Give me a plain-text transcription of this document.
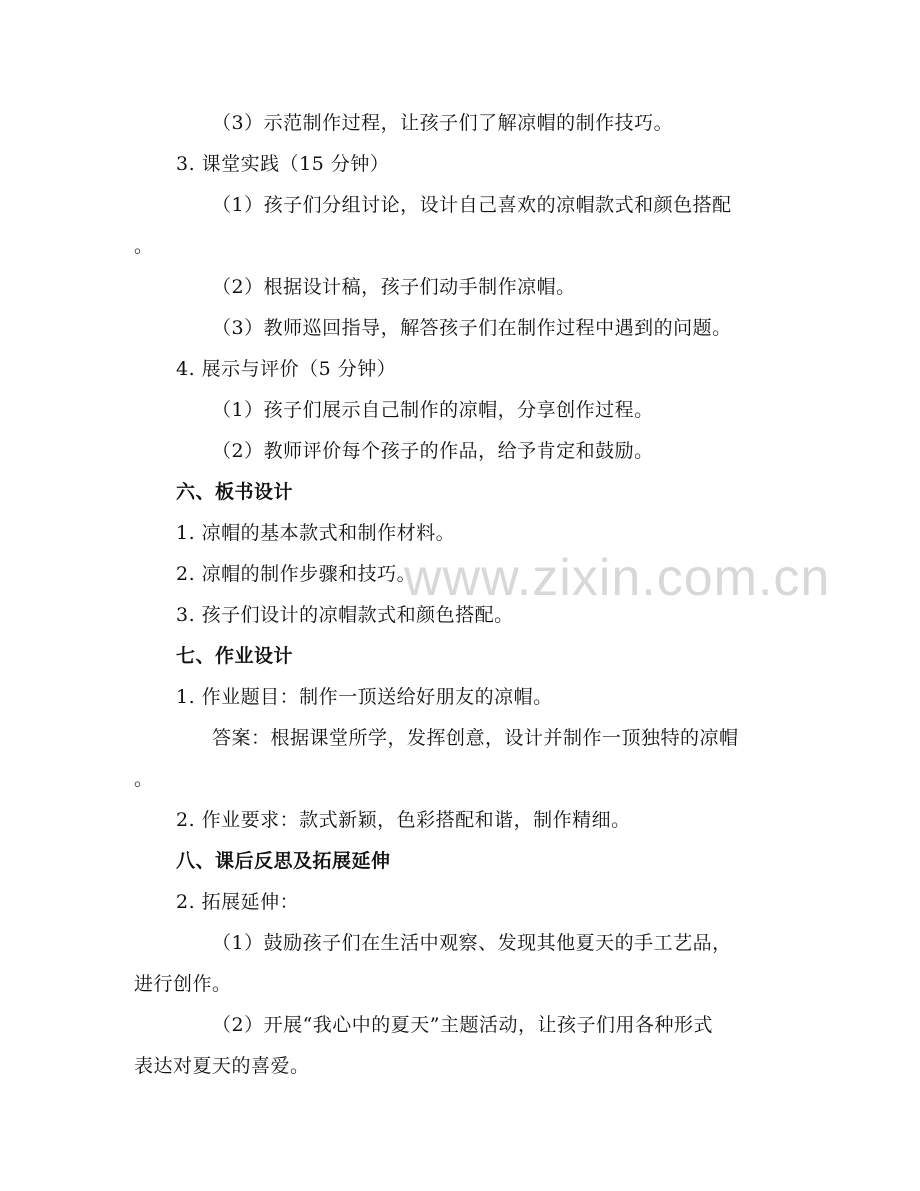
www.zixin.com.cn
（3）示范制作过程，让孩子们了解凉帽的制作技巧。
3. 课堂实践（15 分钟）
（1）孩子们分组讨论，设计自己喜欢的凉帽款式和颜色搭配
。
（2）根据设计稿，孩子们动手制作凉帽。
（3）教师巡回指导，解答孩子们在制作过程中遇到的问题。
4. 展示与评价（5 分钟）
（1）孩子们展示自己制作的凉帽，分享创作过程。
（2）教师评价每个孩子的作品，给予肯定和鼓励。
六、板书设计
1. 凉帽的基本款式和制作材料。
2. 凉帽的制作步骤和技巧。
3. 孩子们设计的凉帽款式和颜色搭配。
七、作业设计
1. 作业题目：制作一顶送给好朋友的凉帽。
答案：根据课堂所学，发挥创意，设计并制作一顶独特的凉帽
。
2. 作业要求：款式新颖，色彩搭配和谐，制作精细。
八、课后反思及拓展延伸
2. 拓展延伸：
（1）鼓励孩子们在生活中观察、发现其他夏天的手工艺品，
进行创作。
（2）开展“我心中的夏天”主题活动，让孩子们用各种形式
表达对夏天的喜爱。
